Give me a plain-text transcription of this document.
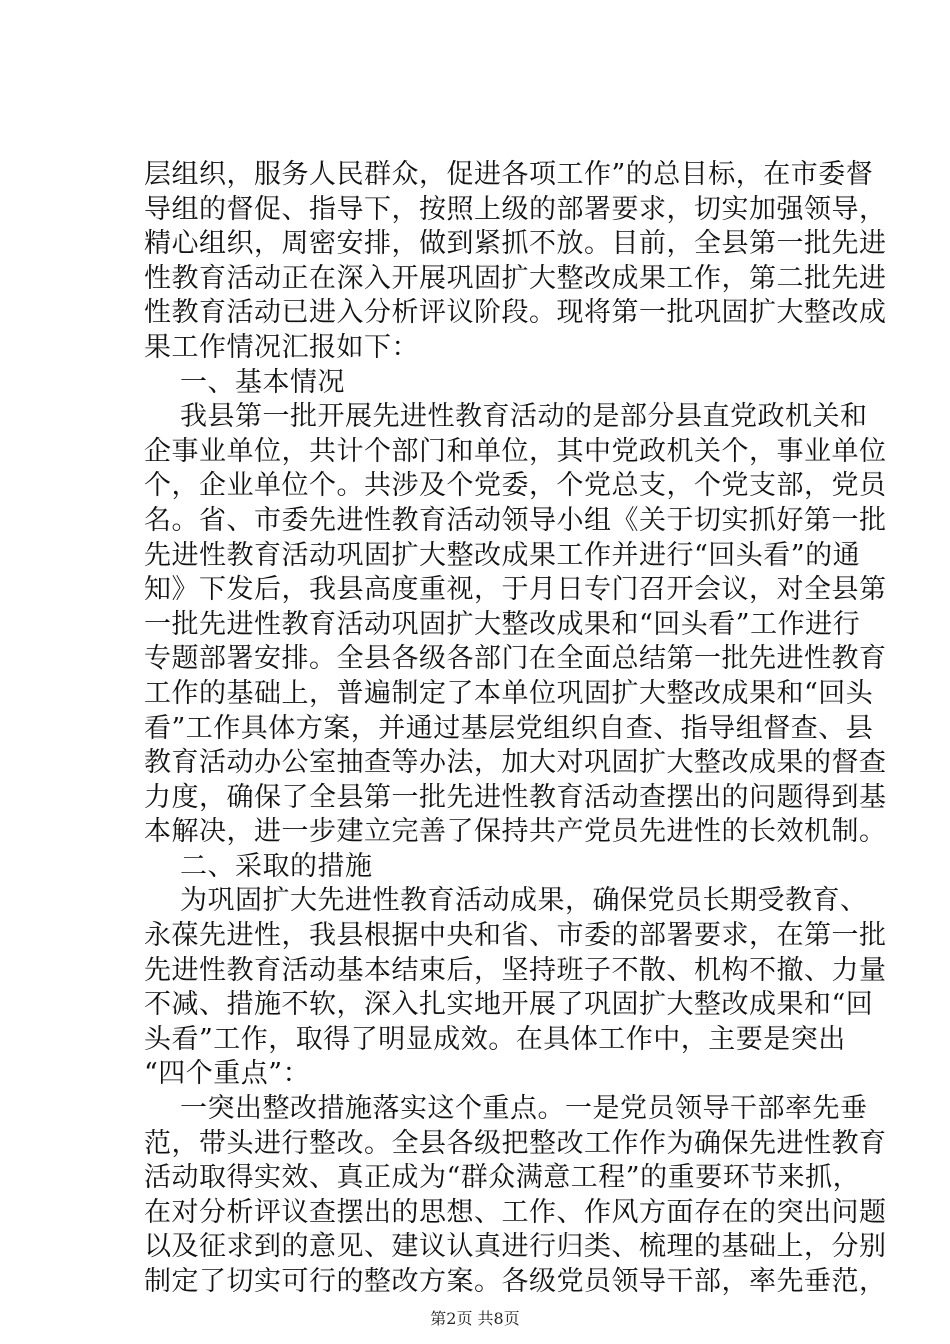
层组织，服务人民群众，促进各项工作”的总目标，在市委督
导组的督促、指导下，按照上级的部署要求，切实加强领导，
精心组织，周密安排，做到紧抓不放。目前，全县第一批先进
性教育活动正在深入开展巩固扩大整改成果工作，第二批先进
性教育活动已进入分析评议阶段。现将第一批巩固扩大整改成
果工作情况汇报如下：
一、基本情况
我县第一批开展先进性教育活动的是部分县直党政机关和
企事业单位，共计个部门和单位，其中党政机关个，事业单位
个，企业单位个。共涉及个党委，个党总支，个党支部，党员
名。省、市委先进性教育活动领导小组《关于切实抓好第一批
先进性教育活动巩固扩大整改成果工作并进行“回头看”的通
知》下发后，我县高度重视，于月日专门召开会议，对全县第
一批先进性教育活动巩固扩大整改成果和“回头看”工作进行
专题部署安排。全县各级各部门在全面总结第一批先进性教育
工作的基础上，普遍制定了本单位巩固扩大整改成果和“回头
看”工作具体方案，并通过基层党组织自查、指导组督查、县
教育活动办公室抽查等办法，加大对巩固扩大整改成果的督查
力度，确保了全县第一批先进性教育活动查摆出的问题得到基
本解决，进一步建立完善了保持共产党员先进性的长效机制。
二、采取的措施
为巩固扩大先进性教育活动成果，确保党员长期受教育、
永葆先进性，我县根据中央和省、市委的部署要求，在第一批
先进性教育活动基本结束后，坚持班子不散、机构不撤、力量
不减、措施不软，深入扎实地开展了巩固扩大整改成果和“回
头看”工作，取得了明显成效。在具体工作中，主要是突出
“四个重点”：
一突出整改措施落实这个重点。一是党员领导干部率先垂
范，带头进行整改。全县各级把整改工作作为确保先进性教育
活动取得实效、真正成为“群众满意工程”的重要环节来抓，
在对分析评议查摆出的思想、工作、作风方面存在的突出问题
以及征求到的意见、建议认真进行归类、梳理的基础上，分别
制定了切实可行的整改方案。各级党员领导干部，率先垂范，
第2页 共8页
